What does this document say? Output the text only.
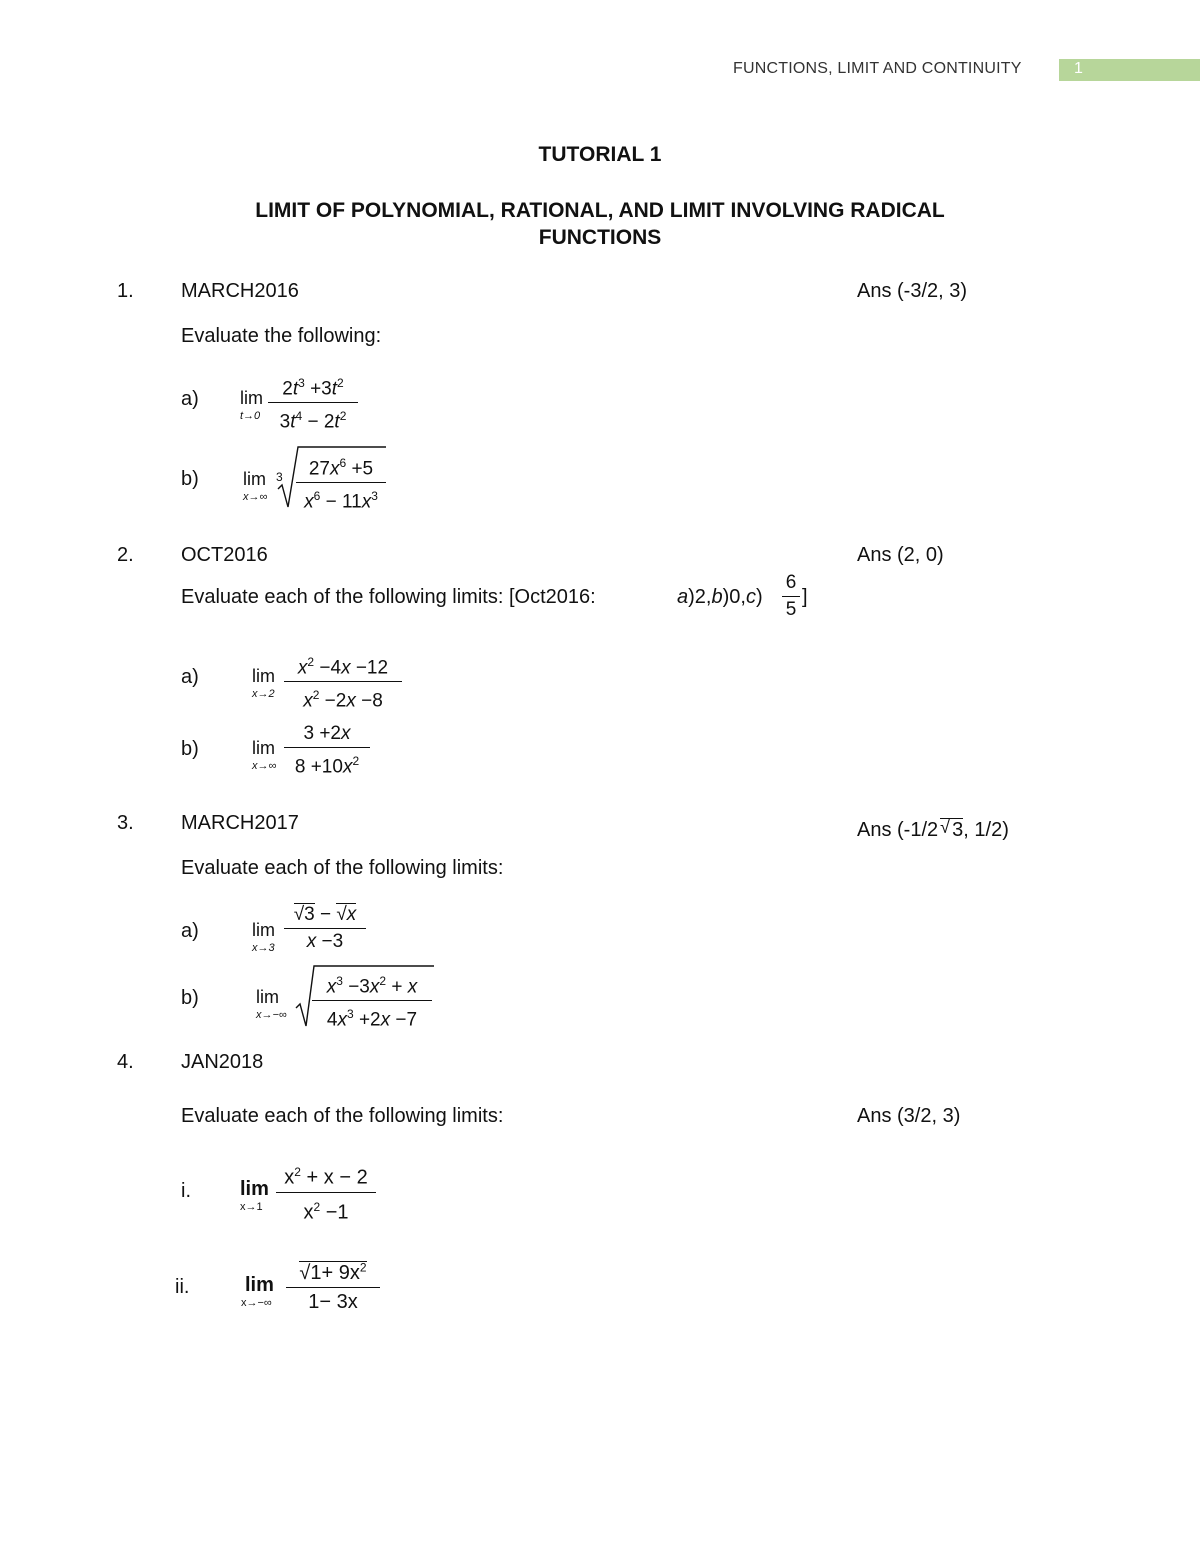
FUNCTIONS, LIMIT AND CONTINUITY	1
TUTORIAL 1
LIMIT OF POLYNOMIAL, RATIONAL, AND LIMIT INVOLVING RADICAL
FUNCTIONS
1. MARCH2016	Ans (-3/2, 3)
Evaluate the following:
a) lim
t→0
$2t^3 +3t^2$
$3t^4 - 2t^2$
b) lim
x→∞
3	$27x^6 +5$
$x^6 - 11x^3$
2. OCT2016	Ans (2, 0)
Evaluate each of the following limits: [Oct2016:	a)2,b)0,c)
6
5
]
a)	lim
x→2
$x^2 -4x -12$
$x^2 -2x -8$
b)	lim
x→∞
3 +2x
$8 +10x^2$
3. MARCH2017	Ans (-1/2 √ 3, 1/2)
Evaluate each of the following limits:
a)	lim
x→3
√3 − √x
x −3
b)	lim
x→−∞
$x^3 -3x^2 + x$
$4x^3 +2x -7$
4. JAN2018
Evaluate each of the following limits:	Ans (3/2, 3)
i. lim
x→1
$x^2 + x - 2$
$x^2 -1$
ii.	lim
x→−∞
$√1+ 9x^2$
1− 3x
